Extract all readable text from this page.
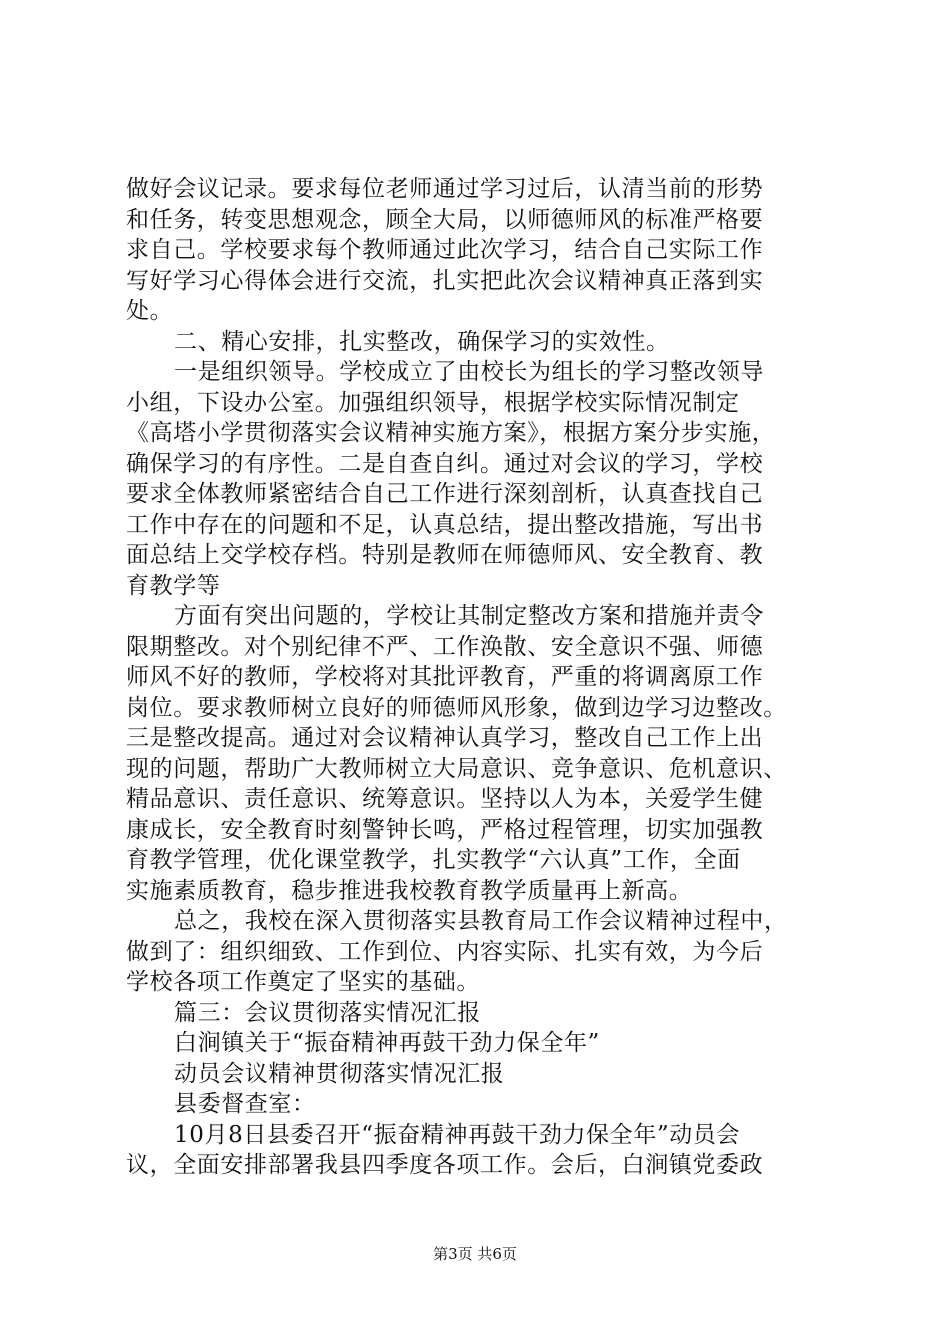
做好会议记录。要求每位老师通过学习过后，认清当前的形势
和任务，转变思想观念，顾全大局，以师德师风的标准严格要
求自己。学校要求每个教师通过此次学习，结合自己实际工作
写好学习心得体会进行交流，扎实把此次会议精神真正落到实
处。
二、精心安排，扎实整改，确保学习的实效性。
一是组织领导。学校成立了由校长为组长的学习整改领导
小组，下设办公室。加强组织领导，根据学校实际情况制定
《高塔小学贯彻落实会议精神实施方案》，根据方案分步实施，
确保学习的有序性。二是自查自纠。通过对会议的学习，学校
要求全体教师紧密结合自己工作进行深刻剖析，认真查找自己
工作中存在的问题和不足，认真总结，提出整改措施，写出书
面总结上交学校存档。特别是教师在师德师风、安全教育、教
育教学等
方面有突出问题的，学校让其制定整改方案和措施并责令
限期整改。对个别纪律不严、工作涣散、安全意识不强、师德
师风不好的教师，学校将对其批评教育，严重的将调离原工作
岗位。要求教师树立良好的师德师风形象，做到边学习边整改。
三是整改提高。通过对会议精神认真学习，整改自己工作上出
现的问题，帮助广大教师树立大局意识、竞争意识、危机意识、
精品意识、责任意识、统筹意识。坚持以人为本，关爱学生健
康成长，安全教育时刻警钟长鸣，严格过程管理，切实加强教
育教学管理，优化课堂教学，扎实教学“六认真”工作，全面
实施素质教育，稳步推进我校教育教学质量再上新高。
总之，我校在深入贯彻落实县教育局工作会议精神过程中，
做到了：组织细致、工作到位、内容实际、扎实有效，为今后
学校各项工作奠定了坚实的基础。
篇三：会议贯彻落实情况汇报
白涧镇关于“振奋精神再鼓干劲力保全年”
动员会议精神贯彻落实情况汇报
县委督查室：
10月8日县委召开“振奋精神再鼓干劲力保全年”动员会
议，全面安排部署我县四季度各项工作。会后，白涧镇党委政
第3页 共6页
